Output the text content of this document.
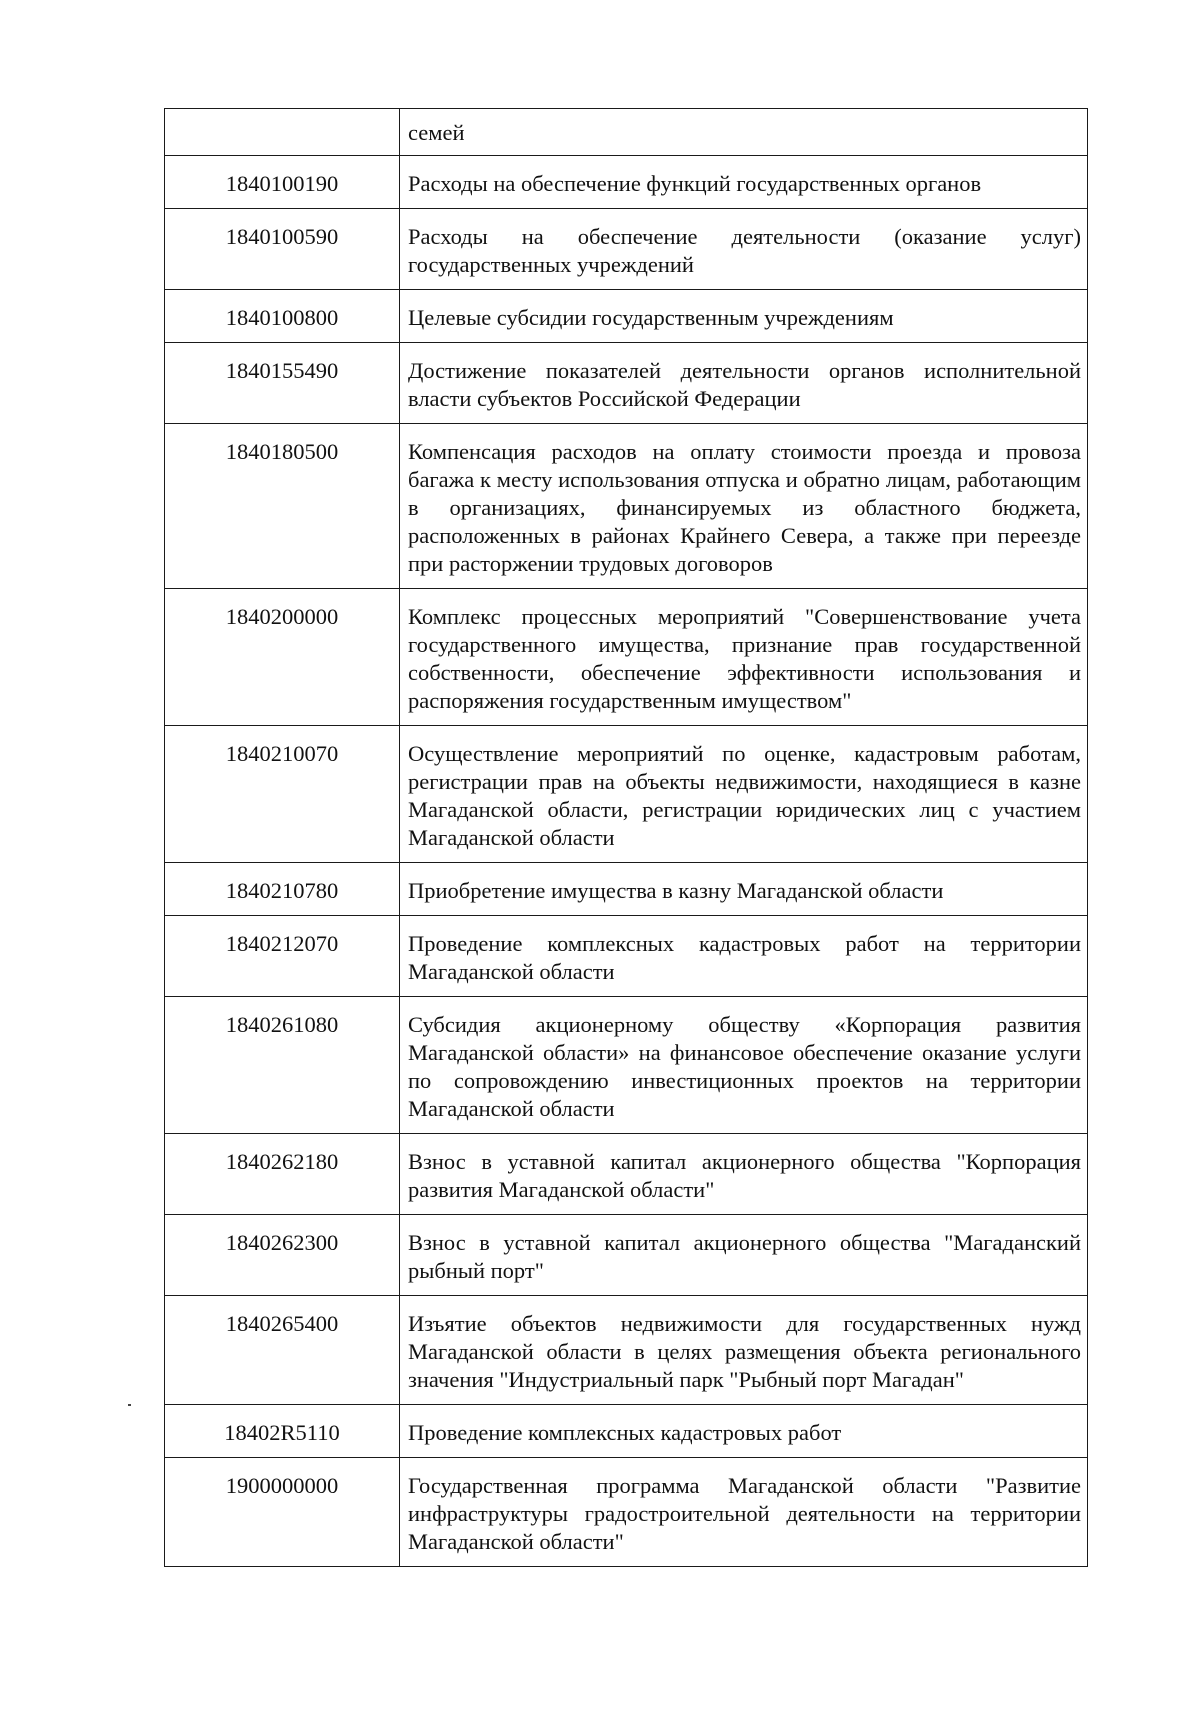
	семей
1840100190	Расходы на обеспечение функций государственных органов
1840100590	Расходы на обеспечение деятельности (оказание услуг) государственных учреждений
1840100800	Целевые субсидии государственным учреждениям
1840155490	Достижение показателей деятельности органов исполнительной власти субъектов Российской Федерации
1840180500	Компенсация расходов на оплату стоимости проезда и провоза багажа к месту использования отпуска и обратно лицам, работающим в организациях, финансируемых из областного бюджета, расположенных в районах Крайнего Севера, а также при переезде при расторжении трудовых договоров
1840200000	Комплекс процессных мероприятий "Совершенствование учета государственного имущества, признание прав государственной собственности, обеспечение эффективности использования и распоряжения государственным имуществом"
1840210070	Осуществление мероприятий по оценке, кадастровым работам, регистрации прав на объекты недвижимости, находящиеся в казне Магаданской области, регистрации юридических лиц с участием Магаданской области
1840210780	Приобретение имущества в казну Магаданской области
1840212070	Проведение комплексных кадастровых работ на территории Магаданской области
1840261080	Субсидия акционерному обществу «Корпорация развития Магаданской области» на финансовое обеспечение оказание услуги по сопровождению инвестиционных проектов на территории Магаданской области
1840262180	Взнос в уставной капитал акционерного общества "Корпорация развития Магаданской области"
1840262300	Взнос в уставной капитал акционерного общества "Магаданский рыбный порт"
1840265400	Изъятие объектов недвижимости для государственных нужд Магаданской области в целях размещения объекта регионального значения "Индустриальный парк "Рыбный порт Магадан"
18402R5110	Проведение комплексных кадастровых работ
1900000000	Государственная программа Магаданской области "Развитие инфраструктуры градостроительной деятельности на территории Магаданской области"
